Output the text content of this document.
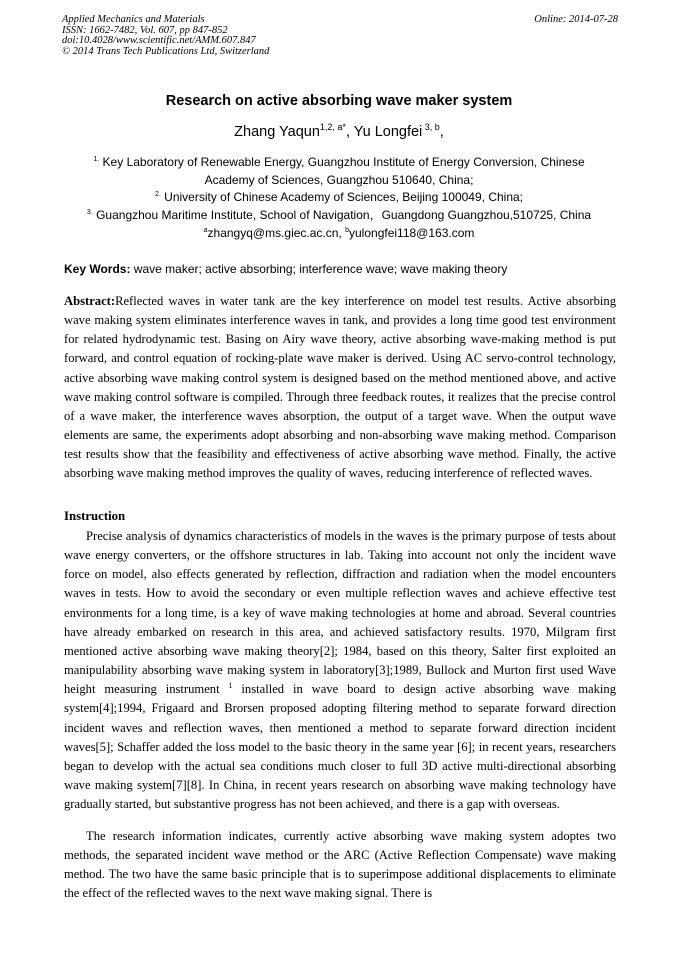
Applied Mechanics and Materials
ISSN: 1662-7482, Vol. 607, pp 847-852
doi:10.4028/www.scientific.net/AMM.607.847
© 2014 Trans Tech Publications Ltd, Switzerland
Online: 2014-07-28
Research on active absorbing wave maker system
Zhang Yaqun$^{1,2, a*}$, Yu Longfei $^{3, b}$,
$^{1.}$ Key Laboratory of Renewable Energy, Guangzhou Institute of Energy Conversion, Chinese
Academy of Sciences, Guangzhou 510640, China;
$^{2.}$ University of Chinese Academy of Sciences, Beijing 100049, China;
$^{3.}$ Guangzhou Maritime Institute, School of Navigation，Guangdong Guangzhou,510725, China
$^a$zhangyq@ms.giec.ac.cn, $^b$yulongfei118@163.com
Key Words: wave maker; active absorbing; interference wave; wave making theory

Abstract:Reflected waves in water tank are the key interference on model test results. Active absorbing wave making system eliminates interference waves in tank, and provides a long time good test environment for related hydrodynamic test. Basing on Airy wave theory, active absorbing wave-making method is put forward, and control equation of rocking-plate wave maker is derived. Using AC servo-control technology, active absorbing wave making control system is designed based on the method mentioned above, and active wave making control software is compiled. Through three feedback routes, it realizes that the precise control of a wave maker, the interference waves absorption, the output of a target wave. When the output wave elements are same, the experiments adopt absorbing and non-absorbing wave making method. Comparison test results show that the feasibility and effectiveness of active absorbing wave method. Finally, the active absorbing wave making method improves the quality of waves, reducing interference of reflected waves.

Instruction

Precise analysis of dynamics characteristics of models in the waves is the primary purpose of tests about wave energy converters, or the offshore structures in lab. Taking into account not only the incident wave force on model, also effects generated by reflection, diffraction and radiation when the model encounters waves in tests. How to avoid the secondary or even multiple reflection waves and achieve effective test environments for a long time, is a key of wave making technologies at home and abroad. Several countries have already embarked on research in this area, and achieved satisfactory results. 1970, Milgram first mentioned active absorbing wave making theory[2]; 1984, based on this theory, Salter first exploited an manipulability absorbing wave making system in laboratory[3];1989, Bullock and Murton first used Wave height measuring instrument $^1$ installed in wave board to design active absorbing wave making system[4];1994, Frigaard and Brorsen proposed adopting filtering method to separate forward direction incident waves and reflection waves, then mentioned a method to separate forward direction incident waves[5]; Schaffer added the loss model to the basic theory in the same year [6]; in recent years, researchers began to develop with the actual sea conditions much closer to full 3D active multi-directional absorbing wave making system[7][8]. In China, in recent years research on absorbing wave making technology have gradually started, but substantive progress has not been achieved, and there is a gap with overseas.

The research information indicates, currently active absorbing wave making system adoptes two methods, the separated incident wave method or the ARC (Active Reflection Compensate) wave making method. The two have the same basic principle that is to superimpose additional displacements to eliminate the effect of the reflected waves to the next wave making signal. There is
